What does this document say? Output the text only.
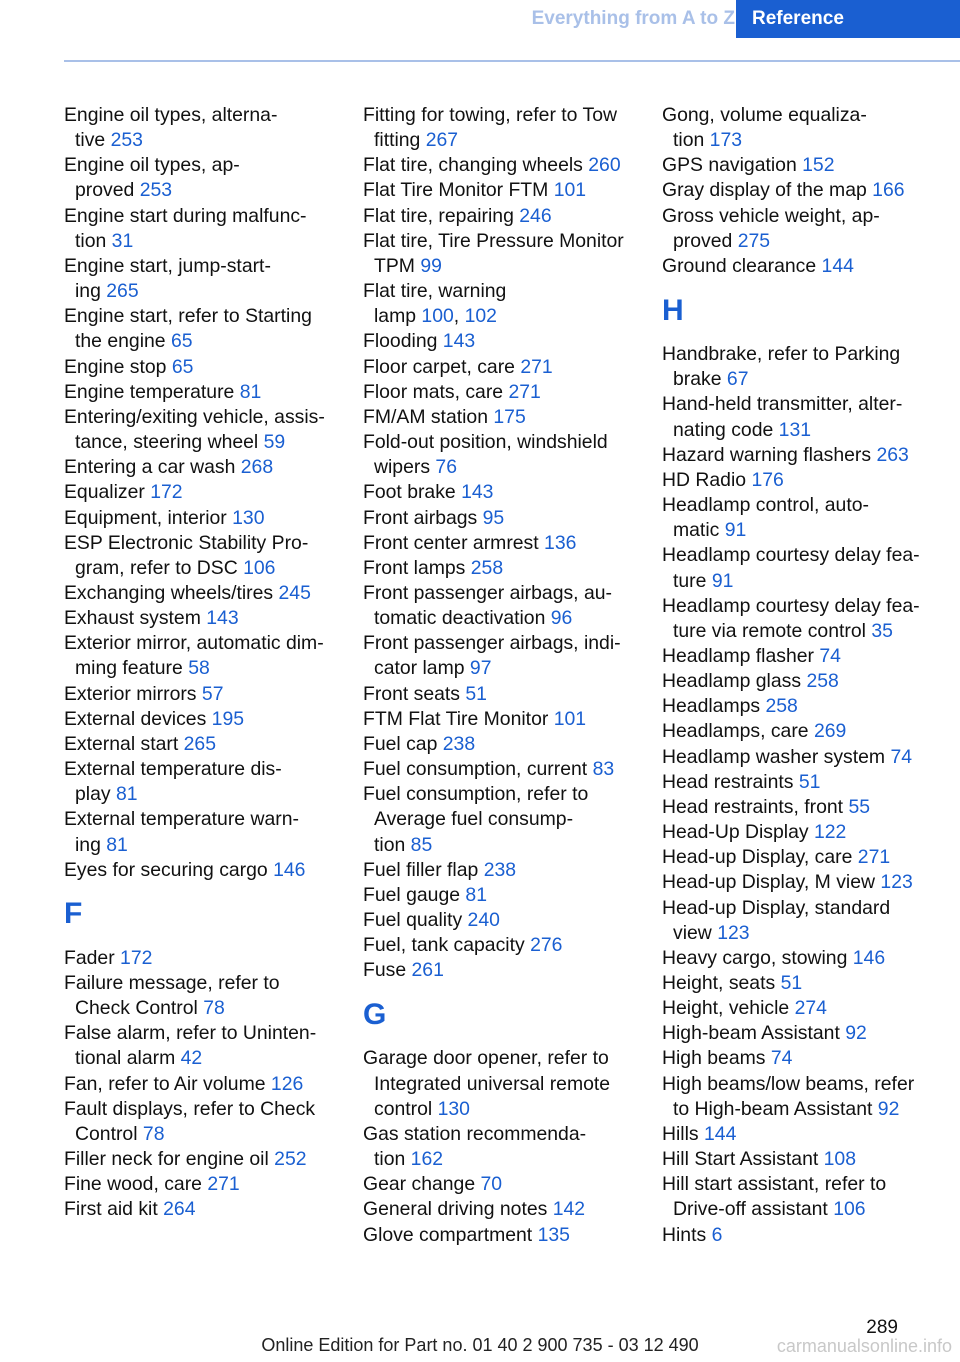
Everything from A to Z Reference
Engine oil types, alterna-
tive 253
Engine oil types, ap-
proved 253
Engine start during malfunc-
tion 31
Engine start, jump-start-
ing 265
Engine start, refer to Starting
the engine 65
Engine stop 65
Engine temperature 81
Entering/exiting vehicle, assis-
tance, steering wheel 59
Entering a car wash 268
Equalizer 172
Equipment, interior 130
ESP Electronic Stability Pro-
gram, refer to DSC 106
Exchanging wheels/tires 245
Exhaust system 143
Exterior mirror, automatic dim-
ming feature 58
Exterior mirrors 57
External devices 195
External start 265
External temperature dis-
play 81
External temperature warn-
ing 81
Eyes for securing cargo 146
F
Fader 172
Failure message, refer to
Check Control 78
False alarm, refer to Uninten-
tional alarm 42
Fan, refer to Air volume 126
Fault displays, refer to Check
Control 78
Filler neck for engine oil 252
Fine wood, care 271
First aid kit 264
Fitting for towing, refer to Tow
fitting 267
Flat tire, changing wheels 260
Flat Tire Monitor FTM 101
Flat tire, repairing 246
Flat tire, Tire Pressure Monitor
TPM 99
Flat tire, warning
lamp 100, 102
Flooding 143
Floor carpet, care 271
Floor mats, care 271
FM/AM station 175
Fold-out position, windshield
wipers 76
Foot brake 143
Front airbags 95
Front center armrest 136
Front lamps 258
Front passenger airbags, au-
tomatic deactivation 96
Front passenger airbags, indi-
cator lamp 97
Front seats 51
FTM Flat Tire Monitor 101
Fuel cap 238
Fuel consumption, current 83
Fuel consumption, refer to
Average fuel consump-
tion 85
Fuel filler flap 238
Fuel gauge 81
Fuel quality 240
Fuel, tank capacity 276
Fuse 261
G
Garage door opener, refer to
Integrated universal remote
control 130
Gas station recommenda-
tion 162
Gear change 70
General driving notes 142
Glove compartment 135
Gong, volume equaliza-
tion 173
GPS navigation 152
Gray display of the map 166
Gross vehicle weight, ap-
proved 275
Ground clearance 144
H
Handbrake, refer to Parking
brake 67
Hand-held transmitter, alter-
nating code 131
Hazard warning flashers 263
HD Radio 176
Headlamp control, auto-
matic 91
Headlamp courtesy delay fea-
ture 91
Headlamp courtesy delay fea-
ture via remote control 35
Headlamp flasher 74
Headlamp glass 258
Headlamps 258
Headlamps, care 269
Headlamp washer system 74
Head restraints 51
Head restraints, front 55
Head-Up Display 122
Head-up Display, care 271
Head-up Display, M view 123
Head-up Display, standard
view 123
Heavy cargo, stowing 146
Height, seats 51
Height, vehicle 274
High-beam Assistant 92
High beams 74
High beams/low beams, refer
to High-beam Assistant 92
Hills 144
Hill Start Assistant 108
Hill start assistant, refer to
Drive-off assistant 106
Hints 6
289
Online Edition for Part no. 01 40 2 900 735 - 03 12 490	carmanualsonline.info
